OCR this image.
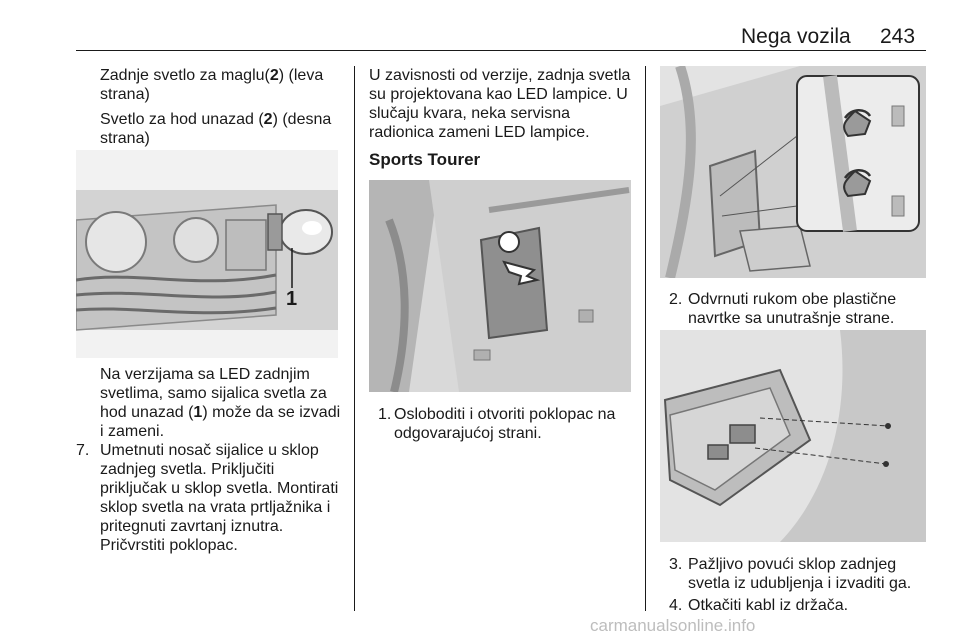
Nega vozila 243
Zadnje svetlo za maglu(2) (leva
strana)
Svetlo za hod unazad (2) (desna
strana)
1
Na verzijama sa LED zadnjim
svetlima, samo sijalica svetla za
hod unazad (1) može da se izvadi
i zameni.
7. Umetnuti nosač sijalice u sklop
zadnjeg svetla. Priključiti
priključak u sklop svetla. Montirati
sklop svetla na vrata prtljažnika i
pritegnuti zavrtanj iznutra.
Pričvrstiti poklopac.
U zavisnosti od verzije, zadnja svetla
su projektovana kao LED lampice. U
slučaju kvara, neka servisna
radionica zameni LED lampice.
Sports Tourer
1. Osloboditi i otvoriti poklopac na
odgovarajućoj strani.
2. Odvrnuti rukom obe plastične
navrtke sa unutrašnje strane.
3. Pažljivo povući sklop zadnjeg
svetla iz udubljenja i izvaditi ga.
4. Otkačiti kabl iz držača.
carmanualsonline.info
